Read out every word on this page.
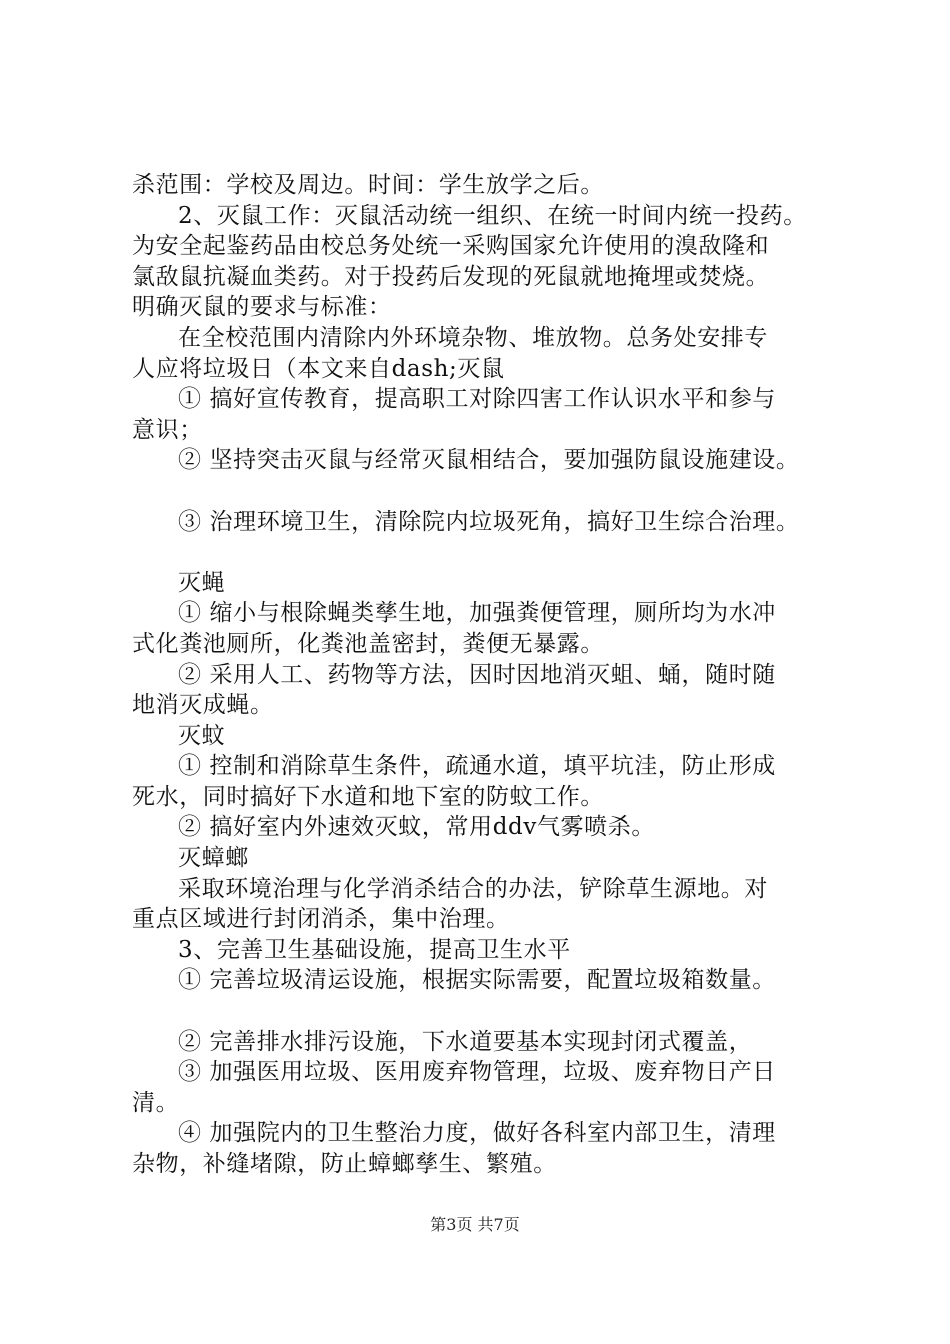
杀范围：学校及周边。时间：学生放学之后。
2、灭鼠工作：灭鼠活动统一组织、在统一时间内统一投药。
为安全起鉴药品由校总务处统一采购国家允许使用的溴敌隆和
氯敌鼠抗凝血类药。对于投药后发现的死鼠就地掩埋或焚烧。
明确灭鼠的要求与标准：
在全校范围内清除内外环境杂物、堆放物。总务处安排专
人应将垃圾日（本文来自dash;灭鼠
① 搞好宣传教育，提高职工对除四害工作认识水平和参与
意识；
② 坚持突击灭鼠与经常灭鼠相结合，要加强防鼠设施建设。
③ 治理环境卫生，清除院内垃圾死角，搞好卫生综合治理。
灭蝇
① 缩小与根除蝇类孳生地，加强粪便管理，厕所均为水冲
式化粪池厕所，化粪池盖密封，粪便无暴露。
② 采用人工、药物等方法，因时因地消灭蛆、蛹，随时随
地消灭成蝇。
灭蚊
① 控制和消除草生条件，疏通水道，填平坑洼，防止形成
死水，同时搞好下水道和地下室的防蚊工作。
② 搞好室内外速效灭蚊，常用ddv气雾喷杀。
灭蟑螂
采取环境治理与化学消杀结合的办法，铲除草生源地。对
重点区域进行封闭消杀，集中治理。
3、完善卫生基础设施，提高卫生水平
① 完善垃圾清运设施，根据实际需要，配置垃圾箱数量。
② 完善排水排污设施，下水道要基本实现封闭式覆盖，
③ 加强医用垃圾、医用废弃物管理，垃圾、废弃物日产日
清。
④ 加强院内的卫生整治力度，做好各科室内部卫生，清理
杂物，补缝堵隙，防止蟑螂孳生、繁殖。
第3页 共7页
